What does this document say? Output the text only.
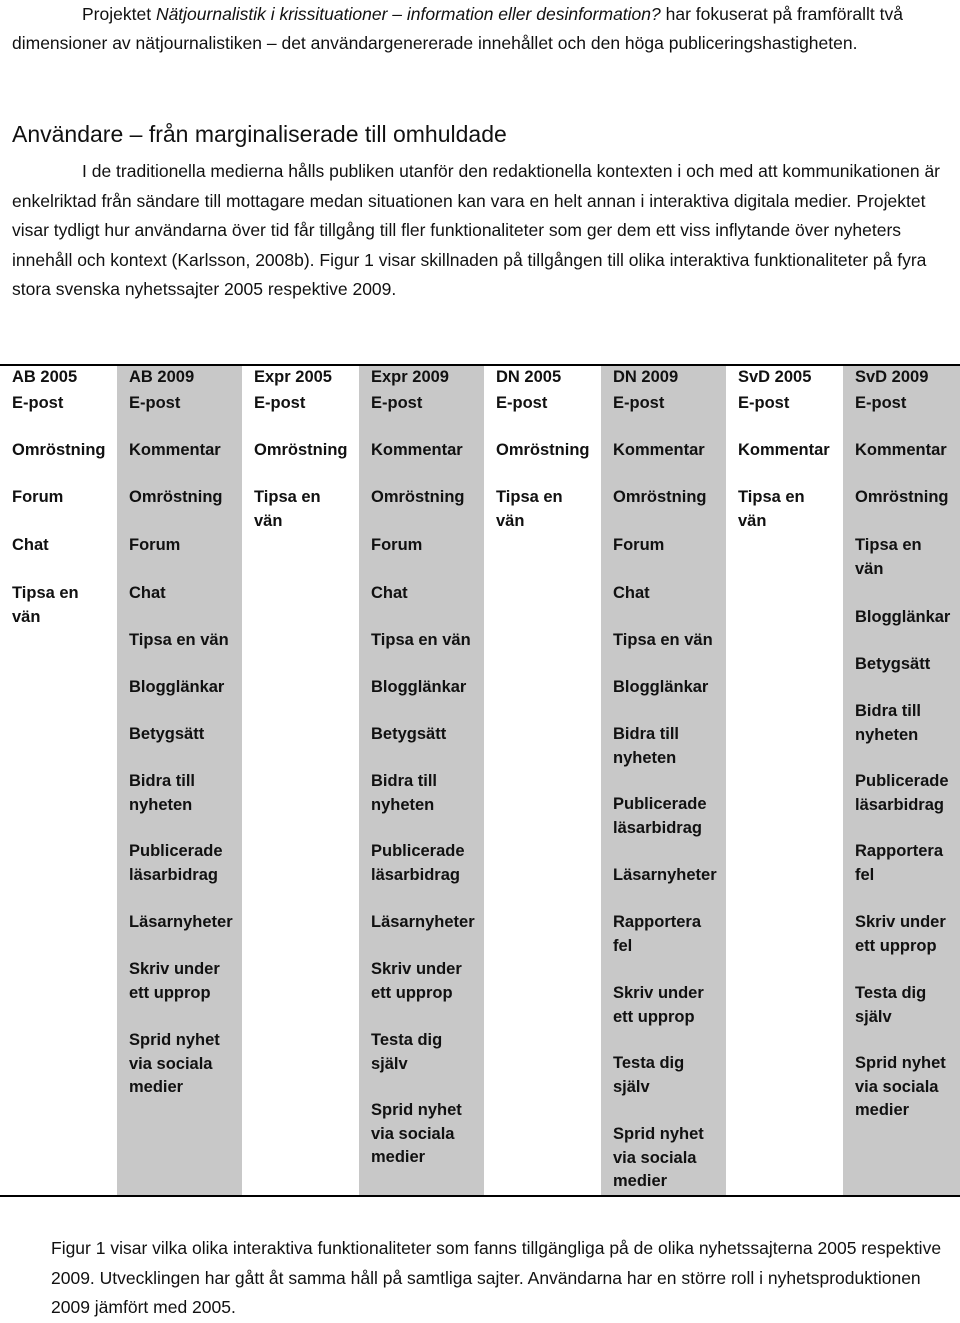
Projektet Nätjournalistik i krissituationer – information eller desinformation? har fokuserat på framförallt två dimensioner av nätjournalistiken – det användargenererade innehållet och den höga publiceringshastigheten.
Användare – från marginaliserade till omhuldade
I de traditionella medierna hålls publiken utanför den redaktionella kontexten i och med att kommunikationen är enkelriktad från sändare till mottagare medan situationen kan vara en helt annan i interaktiva digitala medier. Projektet visar tydligt hur användarna över tid får tillgång till fler funktionaliteter som ger dem ett viss inflytande över nyheters innehåll och kontext (Karlsson, 2008b). Figur 1 visar skillnaden på tillgången till olika interaktiva funktionaliteter på fyra stora svenska nyhetssajter 2005 respektive 2009.
AB 2005
E-post
Omröstning
Forum
Chat
Tipsa en vän
AB 2009
E-post
Kommentar
Omröstning
Forum
Chat
Tipsa en vän
Blogglänkar
Betygsätt
Bidra till nyheten
Publicerade läsarbidrag
Läsarnyheter
Skriv under ett upprop
Sprid nyhet via sociala medier
Expr 2005
E-post
Omröstning
Tipsa en vän
Expr 2009
E-post
Kommentar
Omröstning
Forum
Chat
Tipsa en vän
Blogglänkar
Betygsätt
Bidra till nyheten
Publicerade läsarbidrag
Läsarnyheter
Skriv under ett upprop
Testa dig själv
Sprid nyhet via sociala medier
DN 2005
E-post
Omröstning
Tipsa en vän
DN 2009
E-post
Kommentar
Omröstning
Forum
Chat
Tipsa en vän
Blogglänkar
Bidra till nyheten
Publicerade läsarbidrag
Läsarnyheter
Rapportera fel
Skriv under ett upprop
Testa dig själv
Sprid nyhet via sociala medier
SvD 2005
E-post
Kommentar
Tipsa en vän
SvD 2009
E-post
Kommentar
Omröstning
Tipsa en vän
Blogglänkar
Betygsätt
Bidra till nyheten
Publicerade läsarbidrag
Rapportera fel
Skriv under ett upprop
Testa dig själv
Sprid nyhet via sociala medier
Figur 1 visar vilka olika interaktiva funktionaliteter som fanns tillgängliga på de olika nyhetssajterna 2005 respektive 2009. Utvecklingen har gått åt samma håll på samtliga sajter. Användarna har en större roll i nyhetsproduktionen 2009 jämfört med 2005.
